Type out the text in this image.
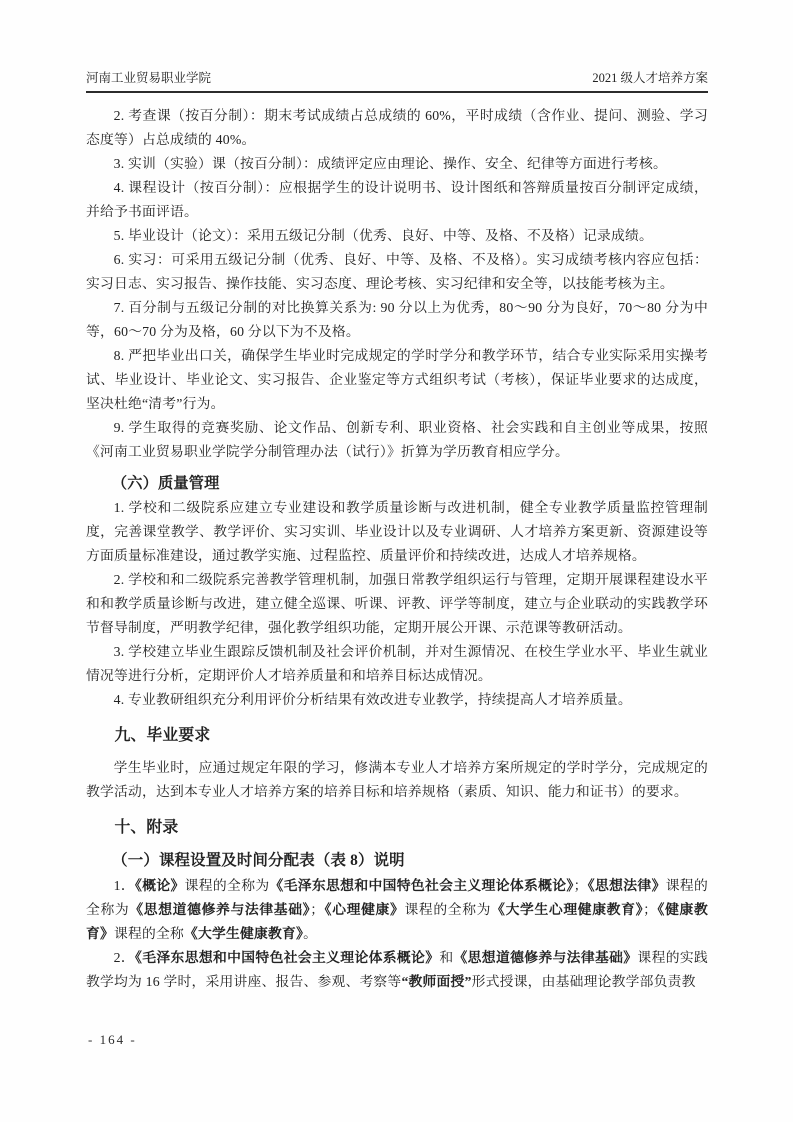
河南工业贸易职业学院	2021 级人才培养方案

2. 考查课（按百分制）：期末考试成绩占总成绩的 60%，平时成绩（含作业、提问、测验、学习态度等）占总成绩的 40%。

3. 实训（实验）课（按百分制）：成绩评定应由理论、操作、安全、纪律等方面进行考核。

4. 课程设计（按百分制）：应根据学生的设计说明书、设计图纸和答辩质量按百分制评定成绩，并给予书面评语。

5. 毕业设计（论文）：采用五级记分制（优秀、良好、中等、及格、不及格）记录成绩。

6. 实习：可采用五级记分制（优秀、良好、中等、及格、不及格）。实习成绩考核内容应包括：实习日志、实习报告、操作技能、实习态度、理论考核、实习纪律和安全等，以技能考核为主。

7. 百分制与五级记分制的对比换算关系为: 90 分以上为优秀，80～90 分为良好，70～80 分为中等，60～70 分为及格，60 分以下为不及格。

8. 严把毕业出口关，确保学生毕业时完成规定的学时学分和教学环节，结合专业实际采用实操考试、毕业设计、毕业论文、实习报告、企业鉴定等方式组织考试（考核），保证毕业要求的达成度，坚决杜绝“清考”行为。

9. 学生取得的竞赛奖励、论文作品、创新专利、职业资格、社会实践和自主创业等成果，按照《河南工业贸易职业学院学分制管理办法（试行）》折算为学历教育相应学分。

（六）质量管理

1. 学校和二级院系应建立专业建设和教学质量诊断与改进机制，健全专业教学质量监控管理制度，完善课堂教学、教学评价、实习实训、毕业设计以及专业调研、人才培养方案更新、资源建设等方面质量标准建设，通过教学实施、过程监控、质量评价和持续改进，达成人才培养规格。

2. 学校和和二级院系完善教学管理机制，加强日常教学组织运行与管理，定期开展课程建设水平和和教学质量诊断与改进，建立健全巡课、听课、评教、评学等制度，建立与企业联动的实践教学环节督导制度，严明教学纪律，强化教学组织功能，定期开展公开课、示范课等教研活动。

3. 学校建立毕业生跟踪反馈机制及社会评价机制，并对生源情况、在校生学业水平、毕业生就业情况等进行分析，定期评价人才培养质量和和培养目标达成情况。

4. 专业教研组织充分利用评价分析结果有效改进专业教学，持续提高人才培养质量。

九、毕业要求

学生毕业时，应通过规定年限的学习，修满本专业人才培养方案所规定的学时学分，完成规定的教学活动，达到本专业人才培养方案的培养目标和培养规格（素质、知识、能力和证书）的要求。

十、附录
（一）课程设置及时间分配表（表 8）说明

1．《概论》课程的全称为《毛泽东思想和中国特色社会主义理论体系概论》；《思想法律》课程的全称为《思想道德修养与法律基础》；《心理健康》课程的全称为《大学生心理健康教育》；《健康教育》课程的全称《大学生健康教育》。

2．《毛泽东思想和中国特色社会主义理论体系概论》和《思想道德修养与法律基础》课程的实践教学均为 16 学时，采用讲座、报告、参观、考察等“教师面授”形式授课，由基础理论教学部负责教

- 164 -
